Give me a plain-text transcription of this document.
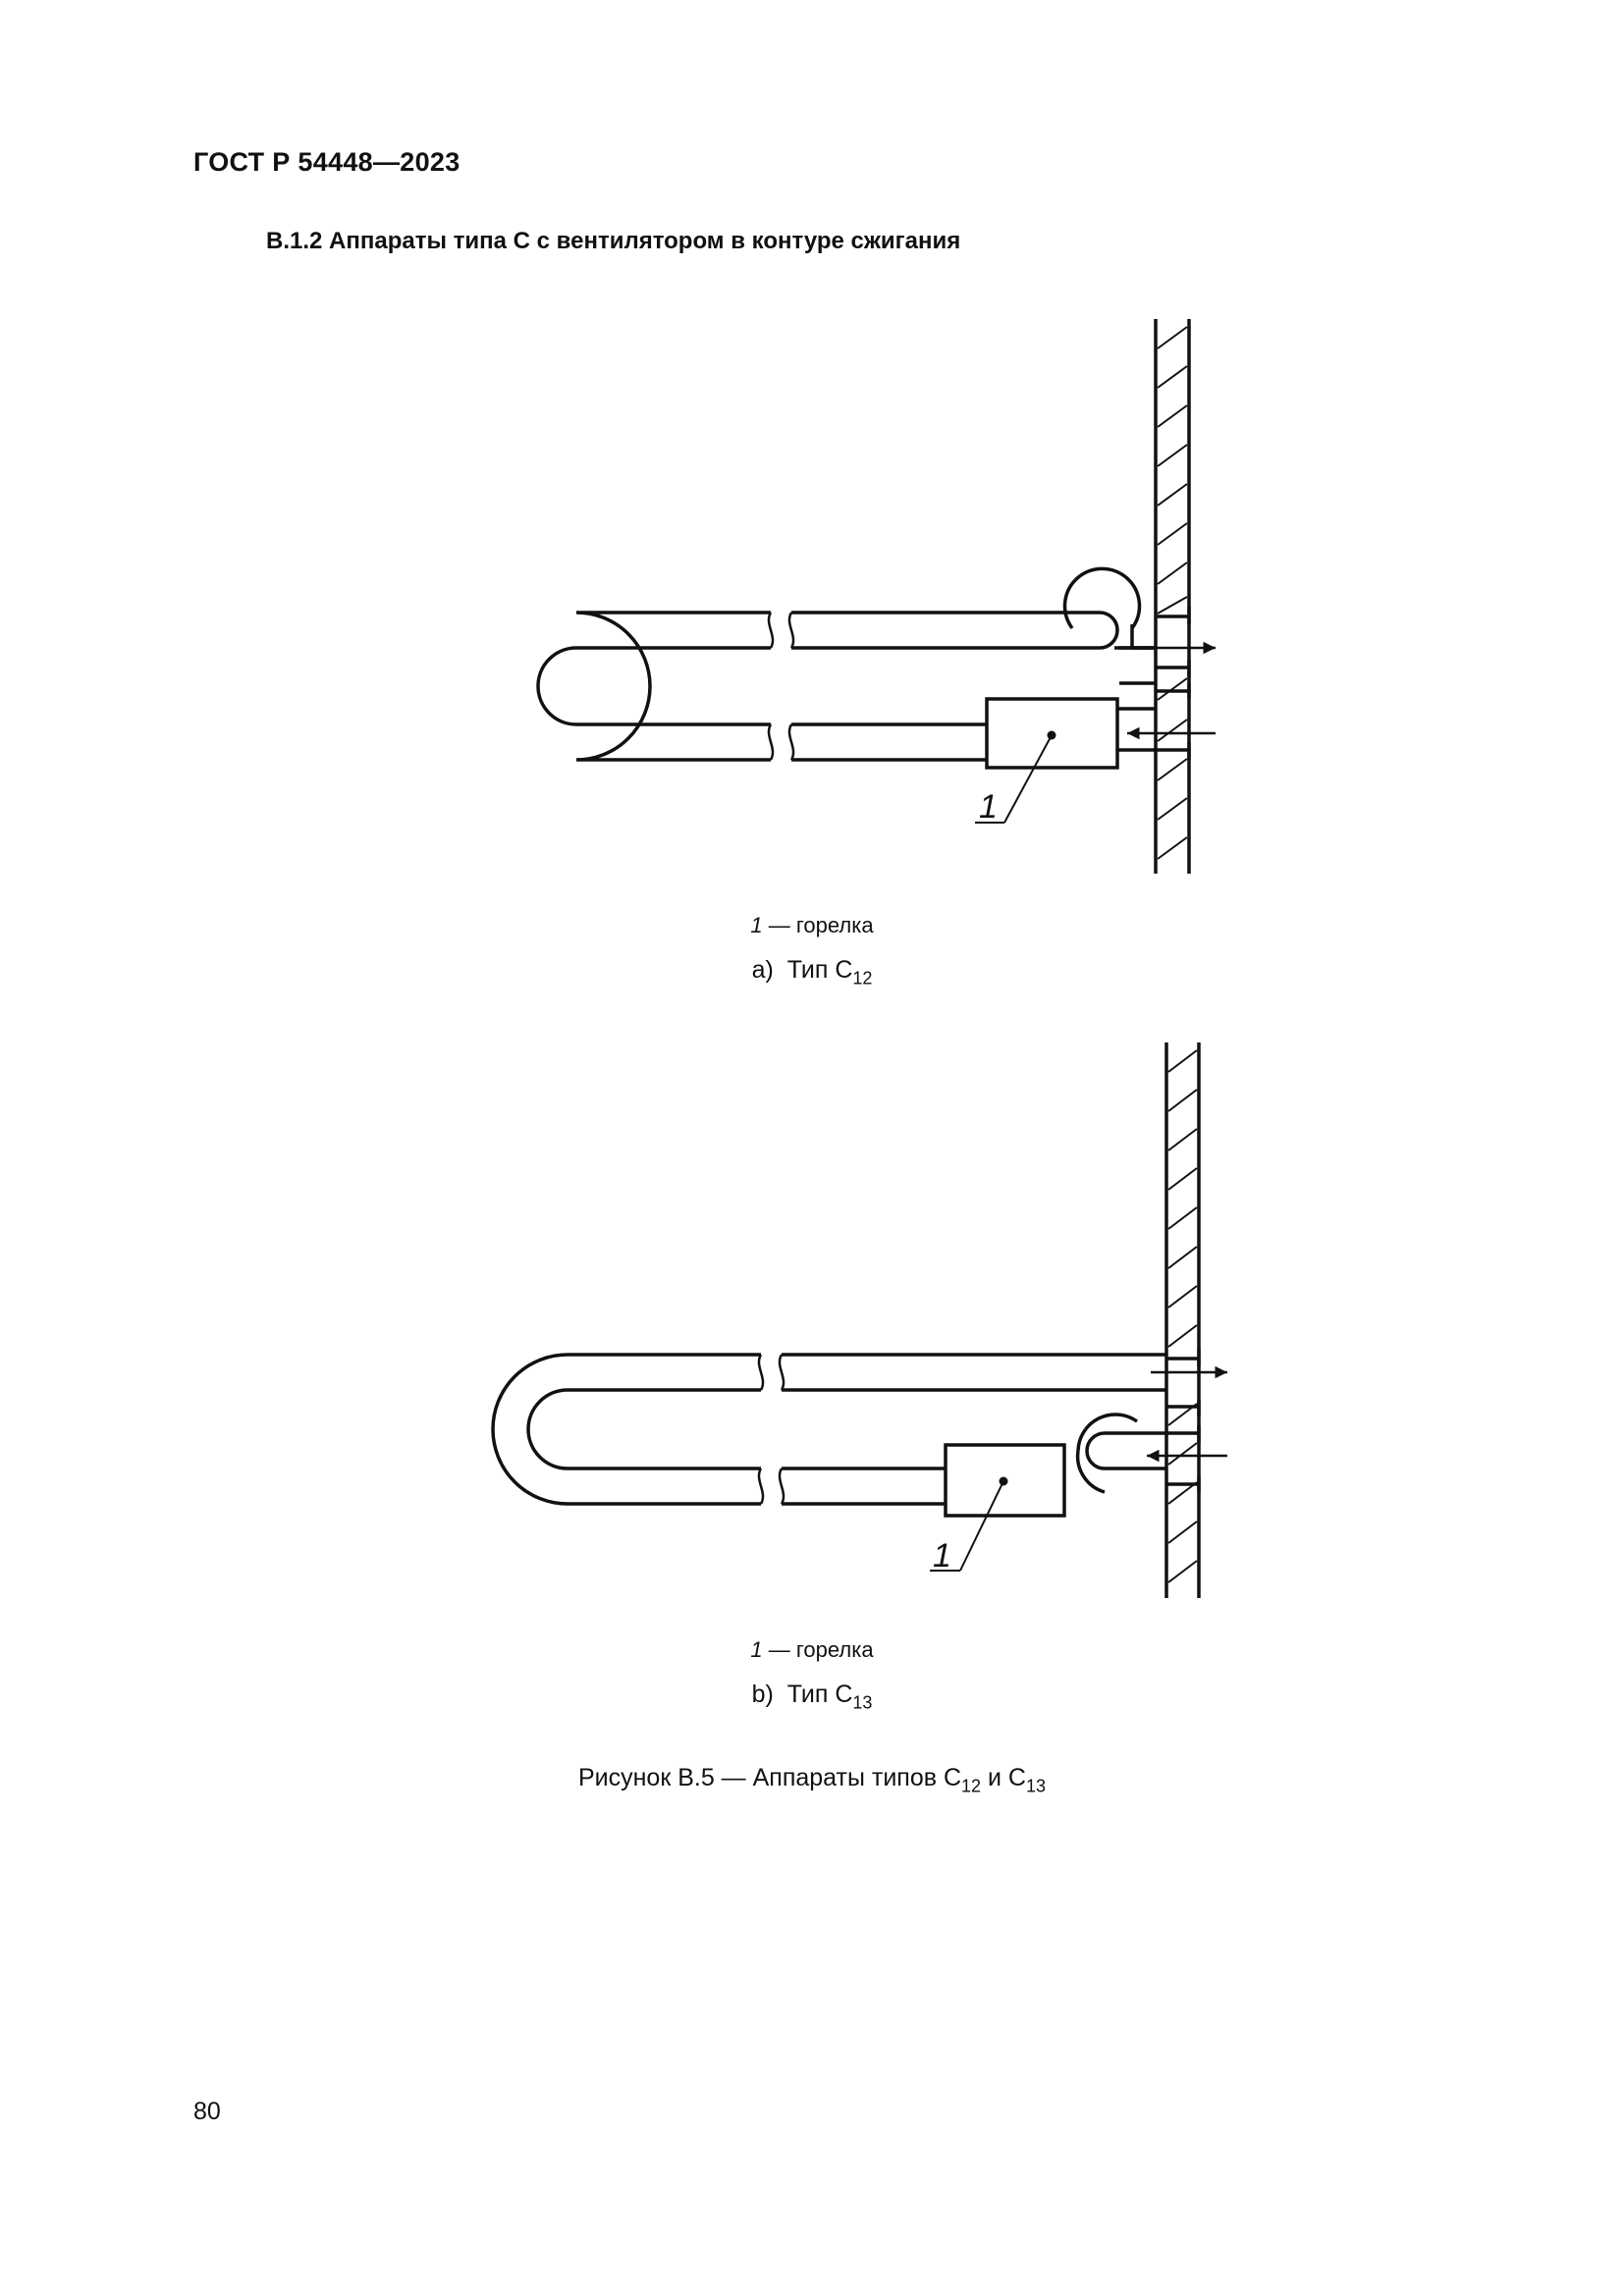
ГОСТ Р 54448—2023
B.1.2 Аппараты типа С с вентилятором в контуре сжигания
1
1 — горелка
a) Тип $С_{12}$
1
1 — горелка
b) Тип $С_{13}$
Рисунок В.5 — Аппараты типов $С_{12}$ и $С_{13}$
80
